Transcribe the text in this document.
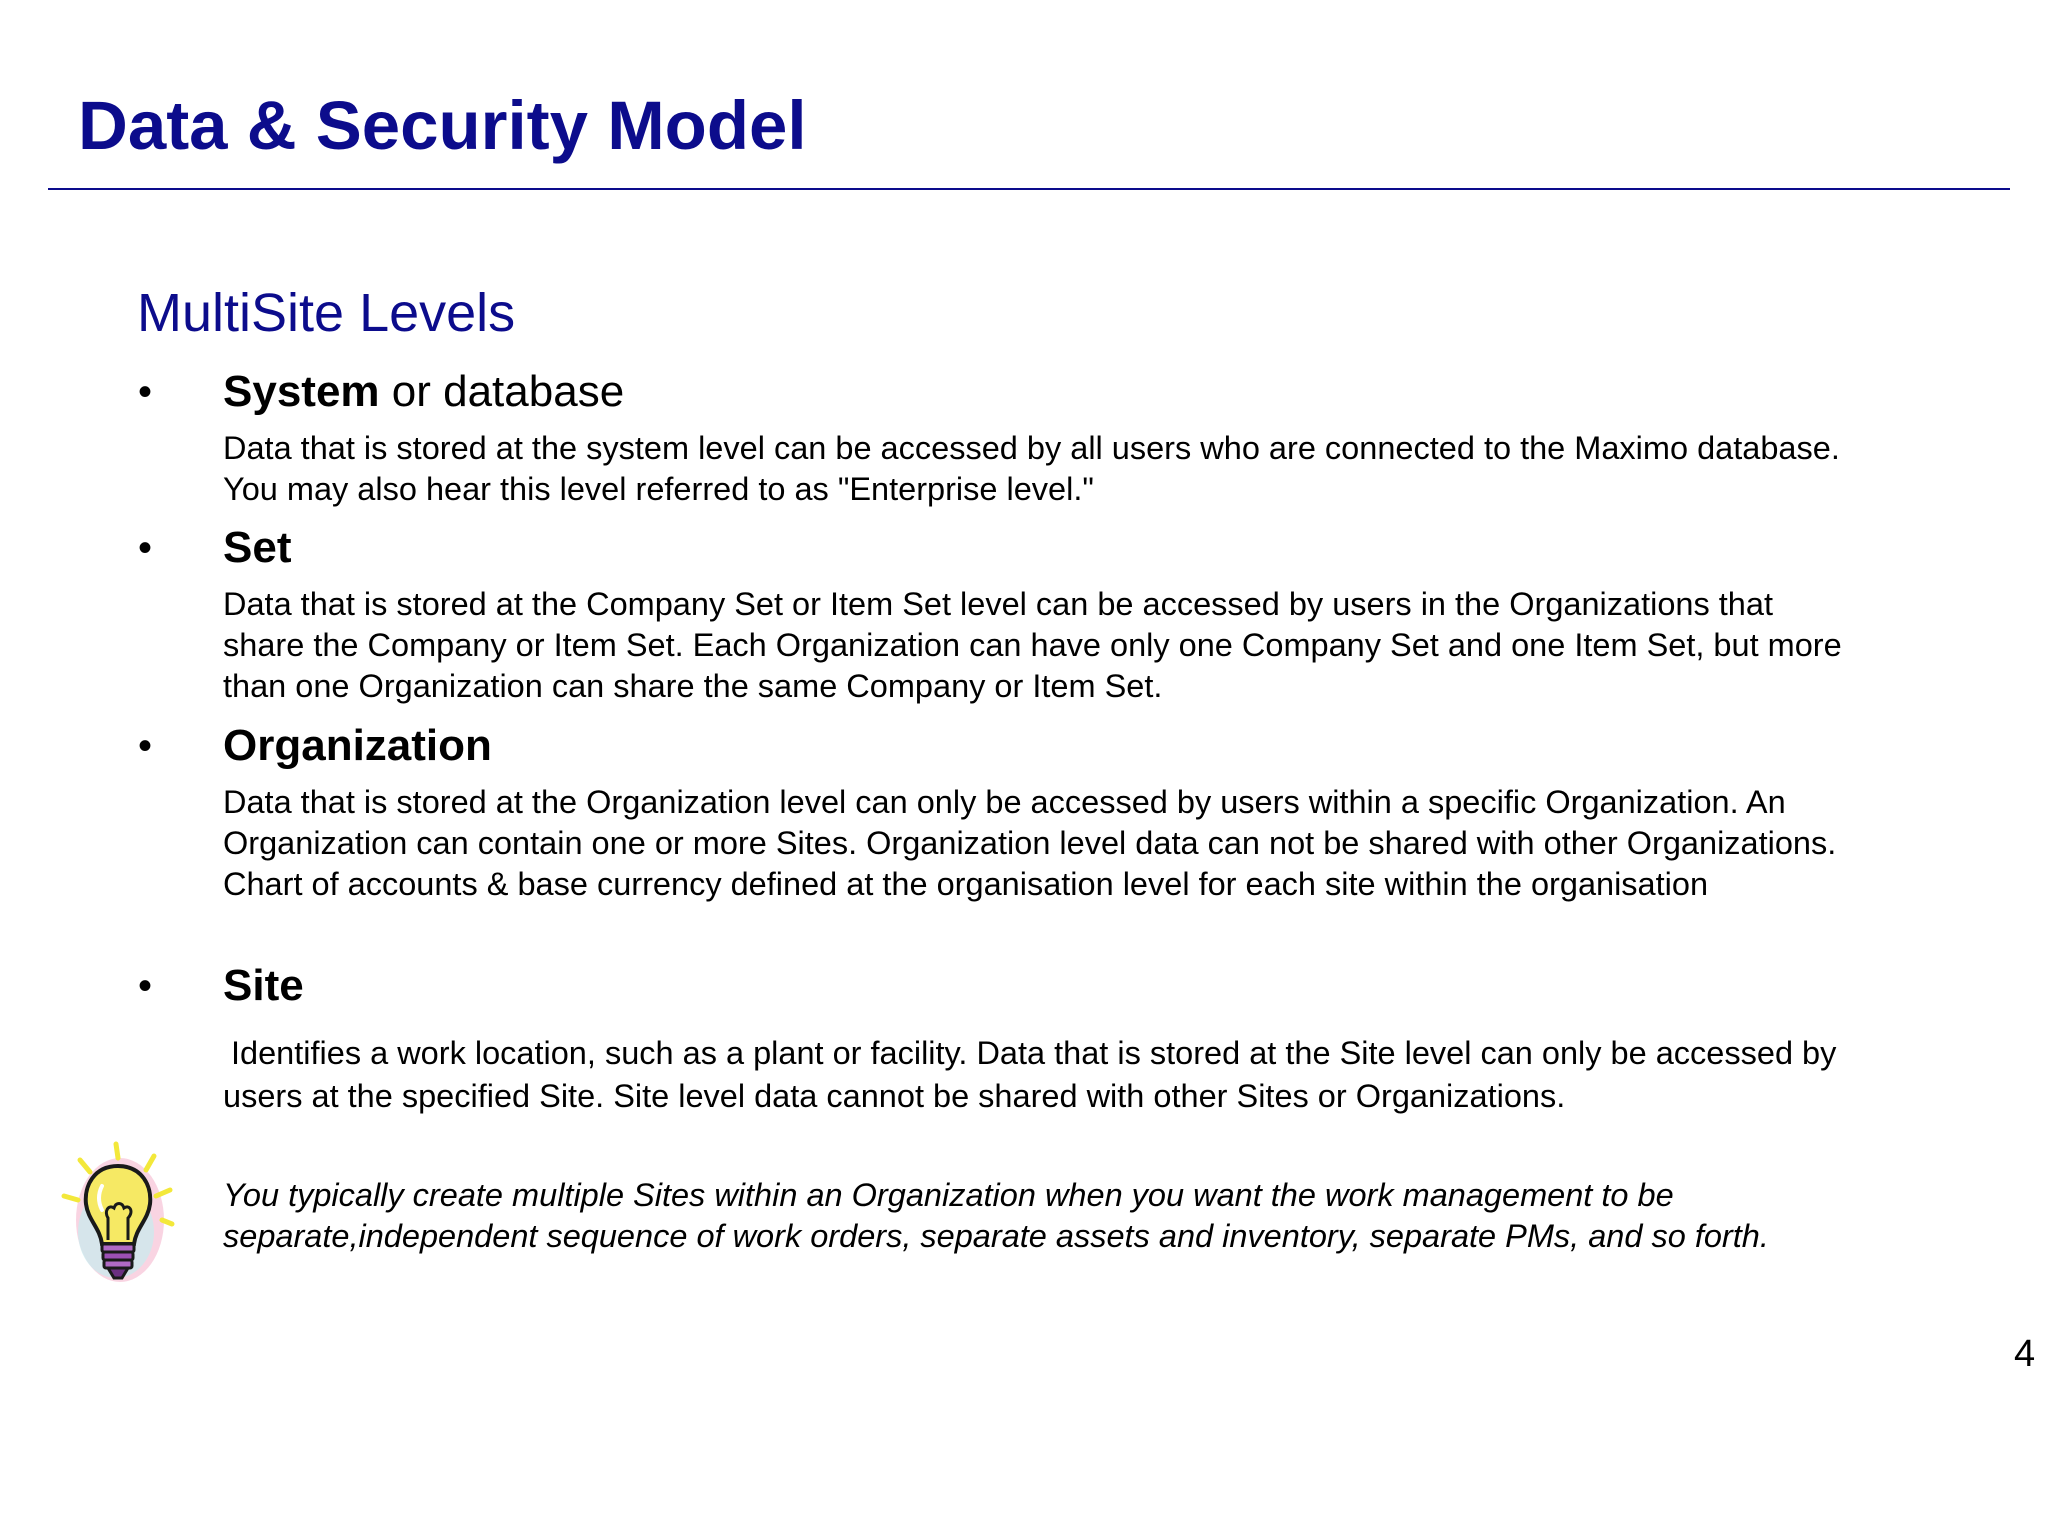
Data & Security Model
MultiSite Levels
• System or database

Data that is stored at the system level can be accessed by all users who are connected to the Maximo database. You may also hear this level referred to as "Enterprise level."

• Set

Data that is stored at the Company Set or Item Set level can be accessed by users in the Organizations that share the Company or Item Set. Each Organization can have only one Company Set and one Item Set, but more than one Organization can share the same Company or Item Set.

• Organization

Data that is stored at the Organization level can only be accessed by users within a specific Organization. An Organization can contain one or more Sites. Organization level data can not be shared with other Organizations. Chart of accounts & base currency defined at the organisation level for each site within the organisation

• Site

Identifies a work location, such as a plant or facility. Data that is stored at the Site level can only be accessed by users at the specified Site. Site level data cannot be shared with other Sites or Organizations.

You typically create multiple Sites within an Organization when you want the work management to be separate,independent sequence of work orders, separate assets and inventory, separate PMs, and so forth.

4
